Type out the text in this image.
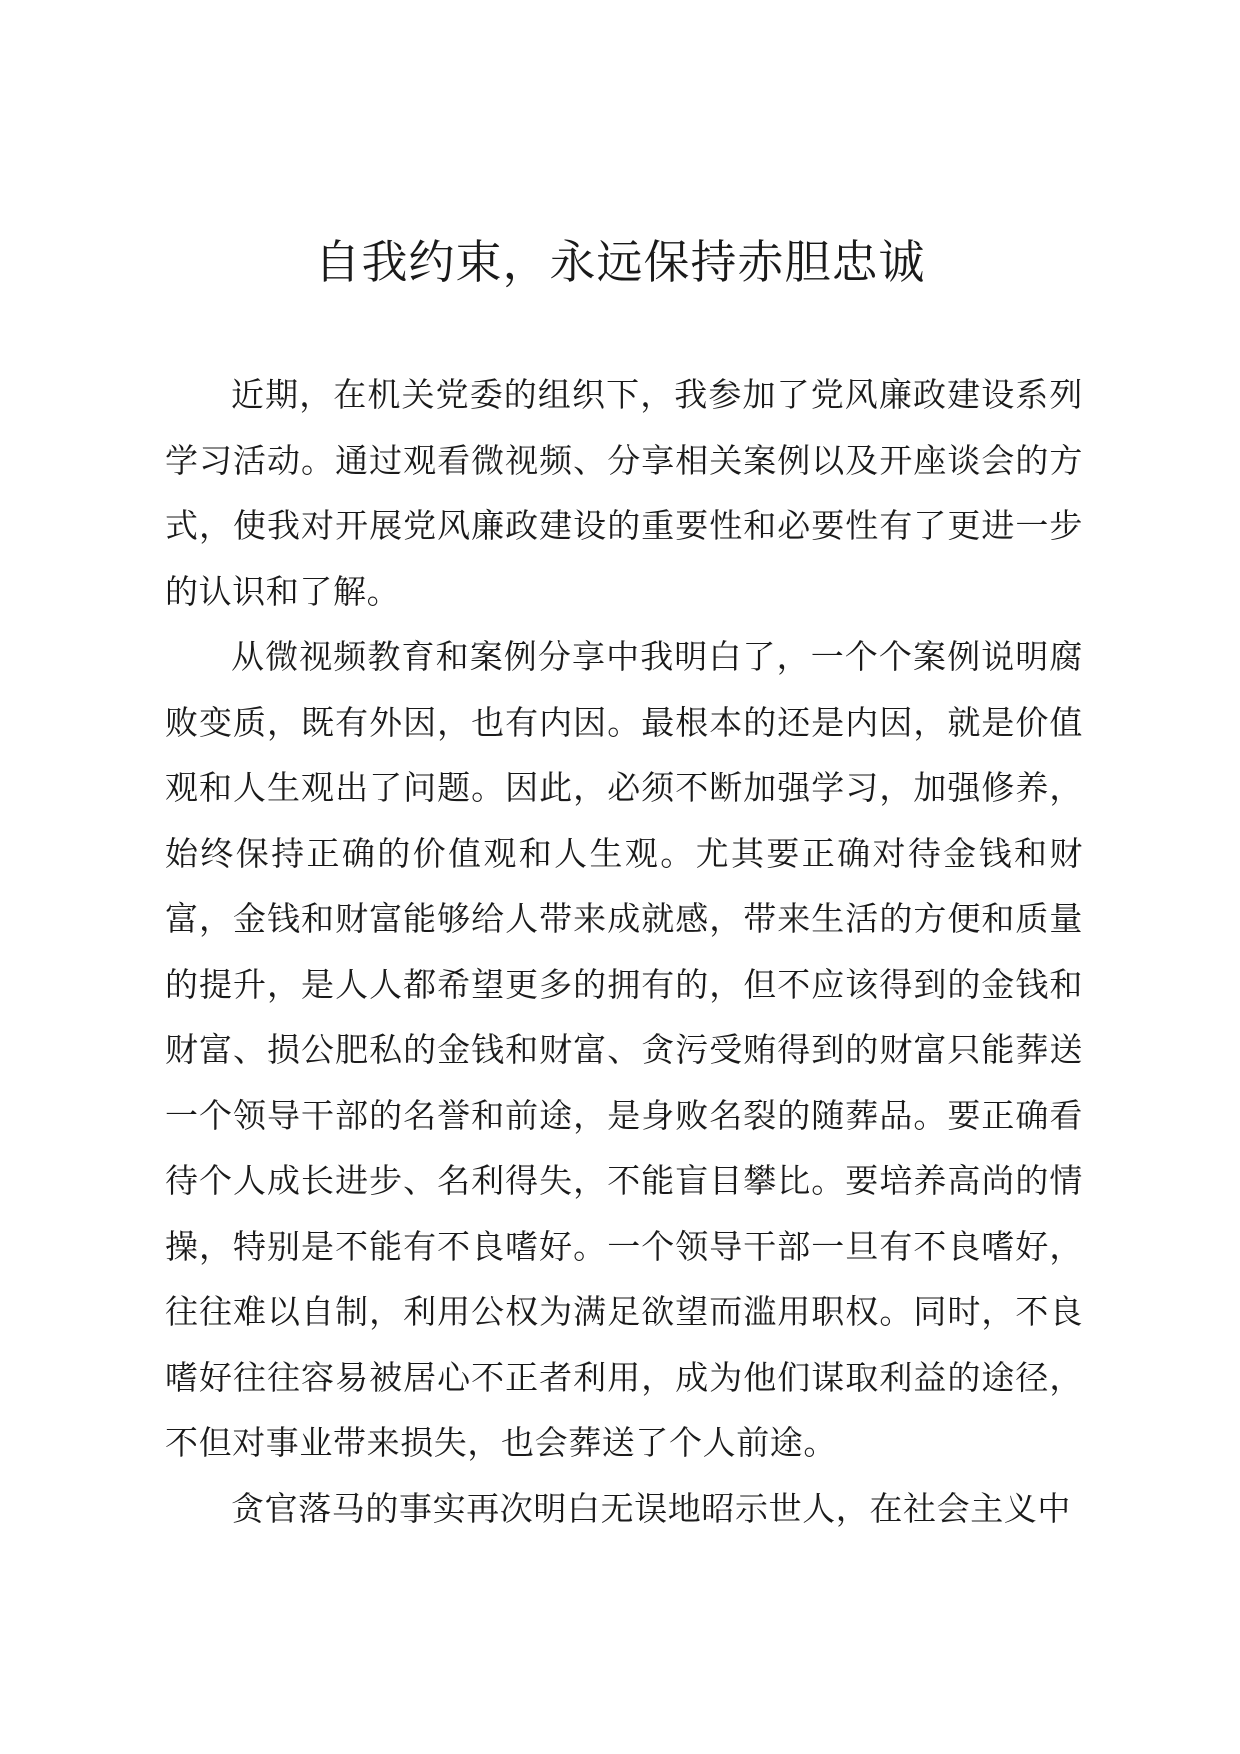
自我约束，永远保持赤胆忠诚

近期，在机关党委的组织下，我参加了党风廉政建设系列学习活动。通过观看微视频、分享相关案例以及开座谈会的方式，使我对开展党风廉政建设的重要性和必要性有了更进一步的认识和了解。

从微视频教育和案例分享中我明白了，一个个案例说明腐败变质，既有外因，也有内因。最根本的还是内因，就是价值观和人生观出了问题。因此，必须不断加强学习，加强修养，始终保持正确的价值观和人生观。尤其要正确对待金钱和财富，金钱和财富能够给人带来成就感，带来生活的方便和质量的提升，是人人都希望更多的拥有的，但不应该得到的金钱和财富、损公肥私的金钱和财富、贪污受贿得到的财富只能葬送一个领导干部的名誉和前途，是身败名裂的随葬品。要正确看待个人成长进步、名利得失，不能盲目攀比。要培养高尚的情操，特别是不能有不良嗜好。一个领导干部一旦有不良嗜好，往往难以自制，利用公权为满足欲望而滥用职权。同时，不良嗜好往往容易被居心不正者利用，成为他们谋取利益的途径，不但对事业带来损失，也会葬送了个人前途。

贪官落马的事实再次明白无误地昭示世人，在社会主义中
